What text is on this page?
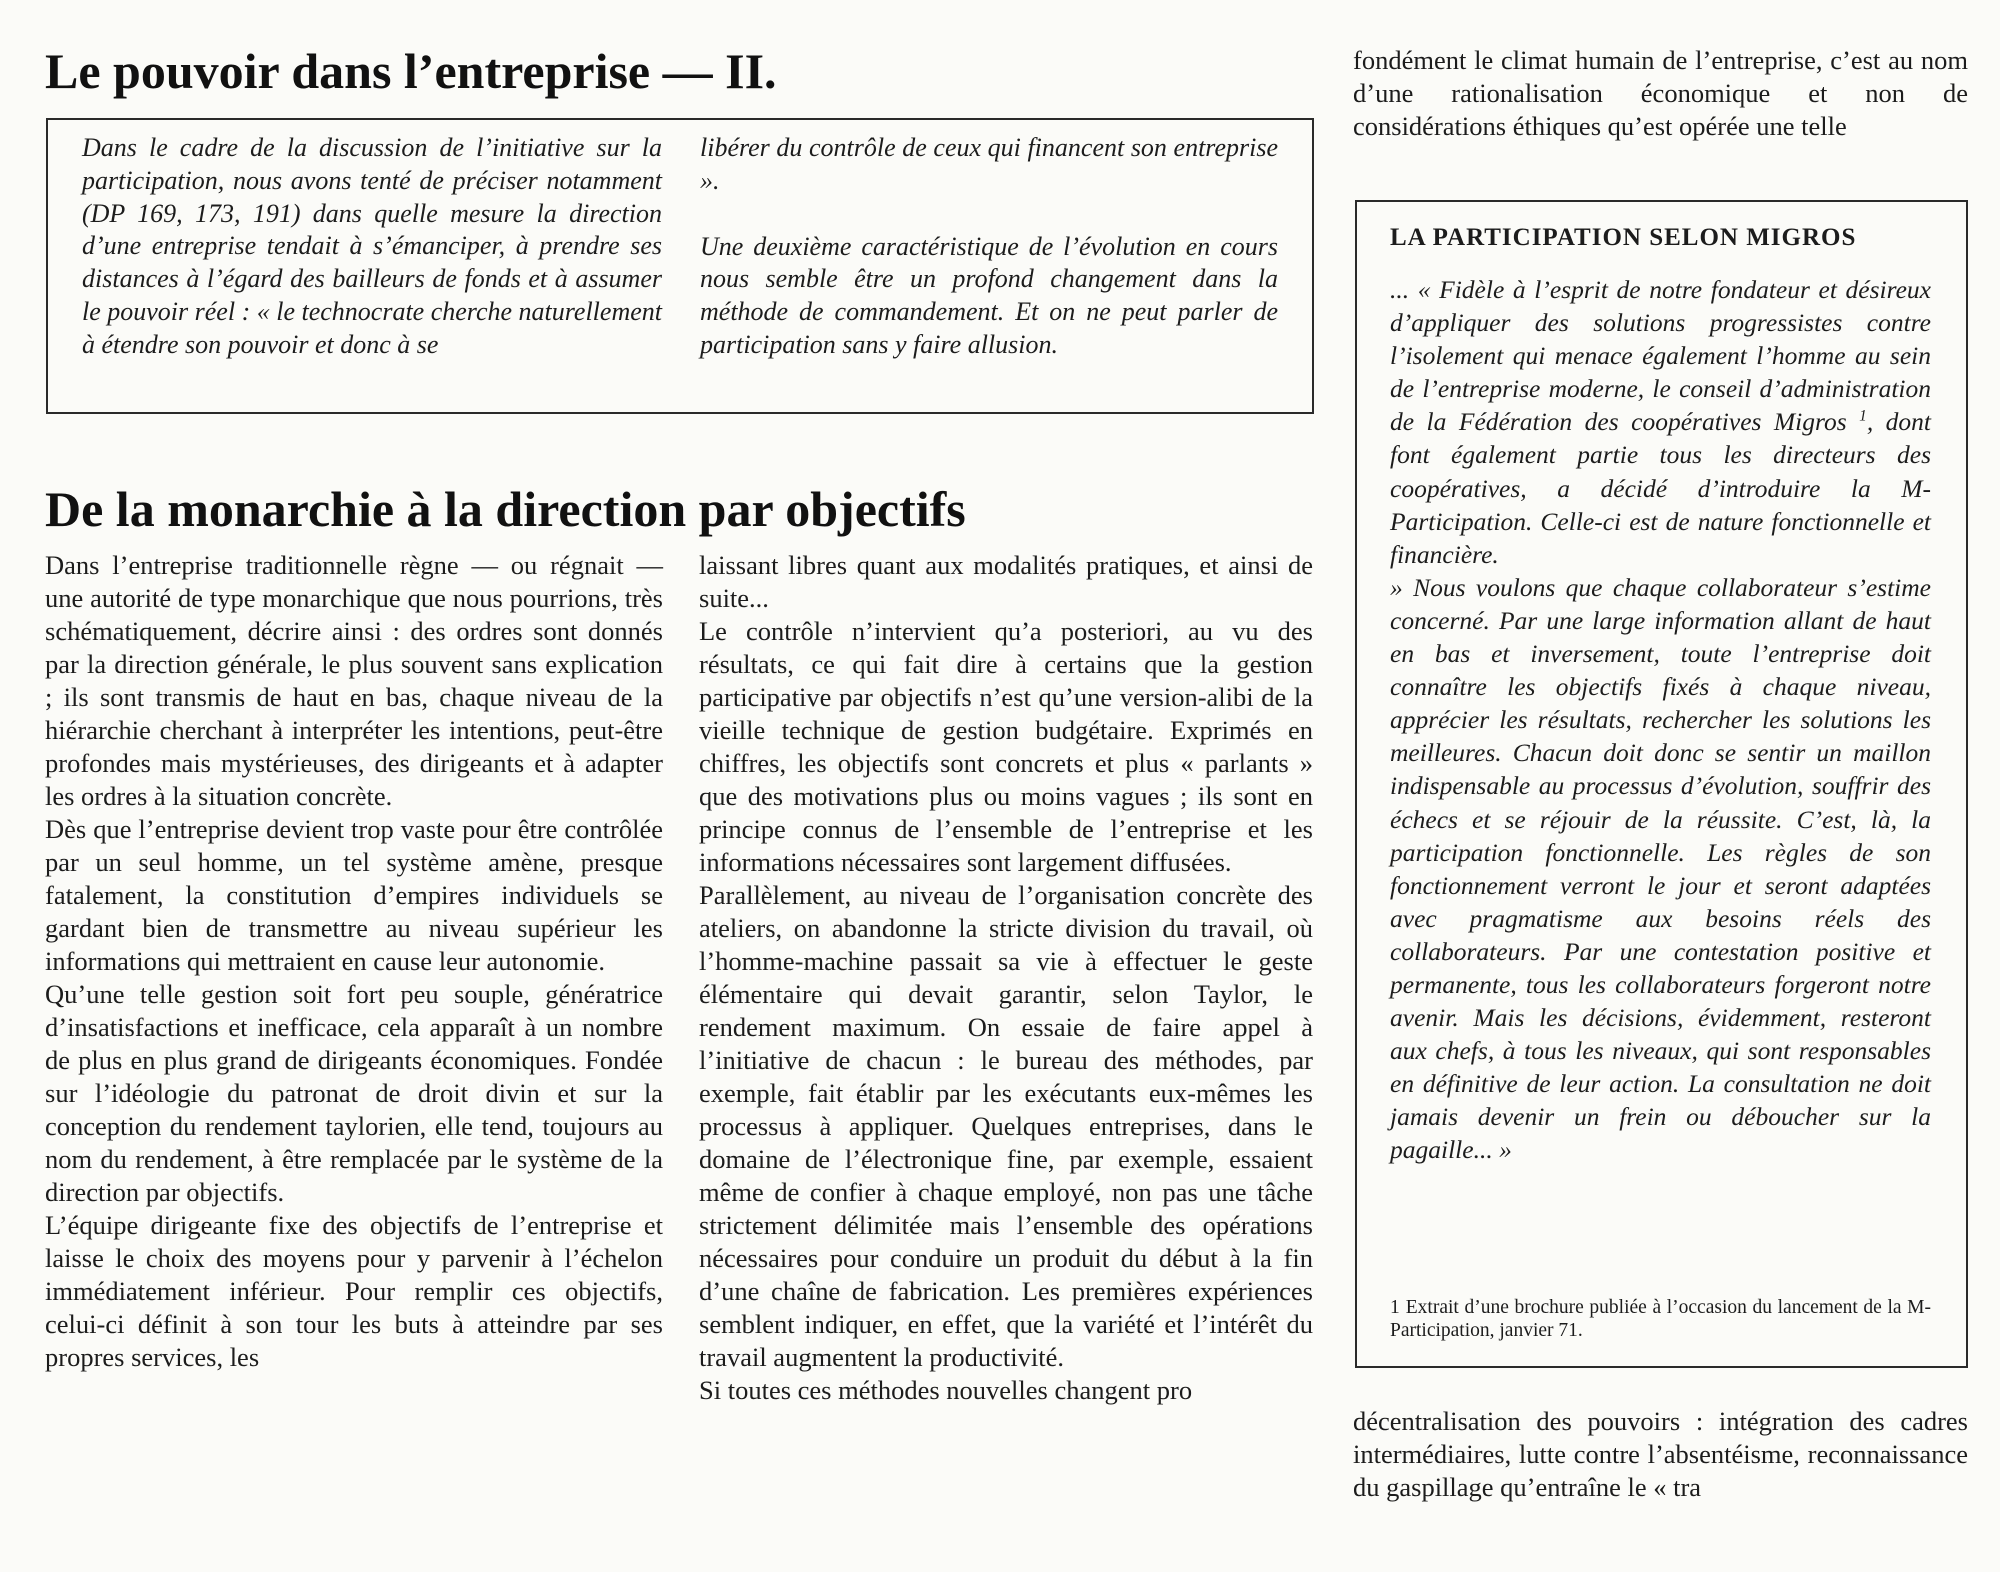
Le pouvoir dans l’entreprise — II.

Dans le cadre de la discussion de l’initiative sur la participation, nous avons tenté de préciser notamment (DP 169, 173, 191) dans quelle mesure la direction d’une entreprise tendait à s’émanciper, à prendre ses distances à l’égard des bailleurs de fonds et à assumer le pouvoir réel : « le technocrate cherche naturellement à étendre son pouvoir et donc à se

libérer du contrôle de ceux qui financent son entreprise ».

Une deuxième caractéristique de l’évolution en cours nous semble être un profond changement dans la méthode de commandement. Et on ne peut parler de participation sans y faire allusion.

De la monarchie à la direction par objectifs

Dans l’entreprise traditionnelle règne — ou régnait — une autorité de type monarchique que nous pourrions, très schématiquement, décrire ainsi : des ordres sont donnés par la direction générale, le plus souvent sans explication ; ils sont transmis de haut en bas, chaque niveau de la hiérarchie cherchant à interpréter les intentions, peut-être profondes mais mystérieuses, des dirigeants et à adapter les ordres à la situation concrète.

Dès que l’entreprise devient trop vaste pour être contrôlée par un seul homme, un tel système amène, presque fatalement, la constitution d’empires individuels se gardant bien de transmettre au niveau supérieur les informations qui mettraient en cause leur autonomie.

Qu’une telle gestion soit fort peu souple, génératrice d’insatisfactions et inefficace, cela apparaît à un nombre de plus en plus grand de dirigeants économiques. Fondée sur l’idéologie du patronat de droit divin et sur la conception du rendement taylorien, elle tend, toujours au nom du rendement, à être remplacée par le système de la direction par objectifs.

L’équipe dirigeante fixe des objectifs de l’entreprise et laisse le choix des moyens pour y parvenir à l’échelon immédiatement inférieur. Pour remplir ces objectifs, celui-ci définit à son tour les buts à atteindre par ses propres services, les

laissant libres quant aux modalités pratiques, et ainsi de suite...

Le contrôle n’intervient qu’a posteriori, au vu des résultats, ce qui fait dire à certains que la gestion participative par objectifs n’est qu’une version-alibi de la vieille technique de gestion budgétaire. Exprimés en chiffres, les objectifs sont concrets et plus « parlants » que des motivations plus ou moins vagues ; ils sont en principe connus de l’ensemble de l’entreprise et les informations nécessaires sont largement diffusées.

Parallèlement, au niveau de l’organisation concrète des ateliers, on abandonne la stricte division du travail, où l’homme-machine passait sa vie à effectuer le geste élémentaire qui devait garantir, selon Taylor, le rendement maximum. On essaie de faire appel à l’initiative de chacun : le bureau des méthodes, par exemple, fait établir par les exécutants eux-mêmes les processus à appliquer. Quelques entreprises, dans le domaine de l’électronique fine, par exemple, essaient même de confier à chaque employé, non pas une tâche strictement délimitée mais l’ensemble des opérations nécessaires pour conduire un produit du début à la fin d’une chaîne de fabrication. Les premières expériences semblent indiquer, en effet, que la variété et l’intérêt du travail augmentent la productivité.

Si toutes ces méthodes nouvelles changent pro

fondément le climat humain de l’entreprise, c’est au nom d’une rationalisation économique et non de considérations éthiques qu’est opérée une telle

LA PARTICIPATION SELON MIGROS

... « Fidèle à l’esprit de notre fondateur et désireux d’appliquer des solutions progressistes contre l’isolement qui menace également l’homme au sein de l’entreprise moderne, le conseil d’administration de la Fédération des coopératives Migros $^1$, dont font également partie tous les directeurs des coopératives, a décidé d’introduire la M-Participation. Celle-ci est de nature fonctionnelle et financière.

» Nous voulons que chaque collaborateur s’estime concerné. Par une large information allant de haut en bas et inversement, toute l’entreprise doit connaître les objectifs fixés à chaque niveau, apprécier les résultats, rechercher les solutions les meilleures. Chacun doit donc se sentir un maillon indispensable au processus d’évolution, souffrir des échecs et se réjouir de la réussite. C’est, là, la participation fonctionnelle. Les règles de son fonctionnement verront le jour et seront adaptées avec pragmatisme aux besoins réels des collaborateurs. Par une contestation positive et permanente, tous les collaborateurs forgeront notre avenir. Mais les décisions, évidemment, resteront aux chefs, à tous les niveaux, qui sont responsables en définitive de leur action. La consultation ne doit jamais devenir un frein ou déboucher sur la pagaille... »

1 Extrait d’une brochure publiée à l’occasion du lancement de la M-Participation, janvier 71.

décentralisation des pouvoirs : intégration des cadres intermédiaires, lutte contre l’absentéisme, reconnaissance du gaspillage qu’entraîne le « tra
